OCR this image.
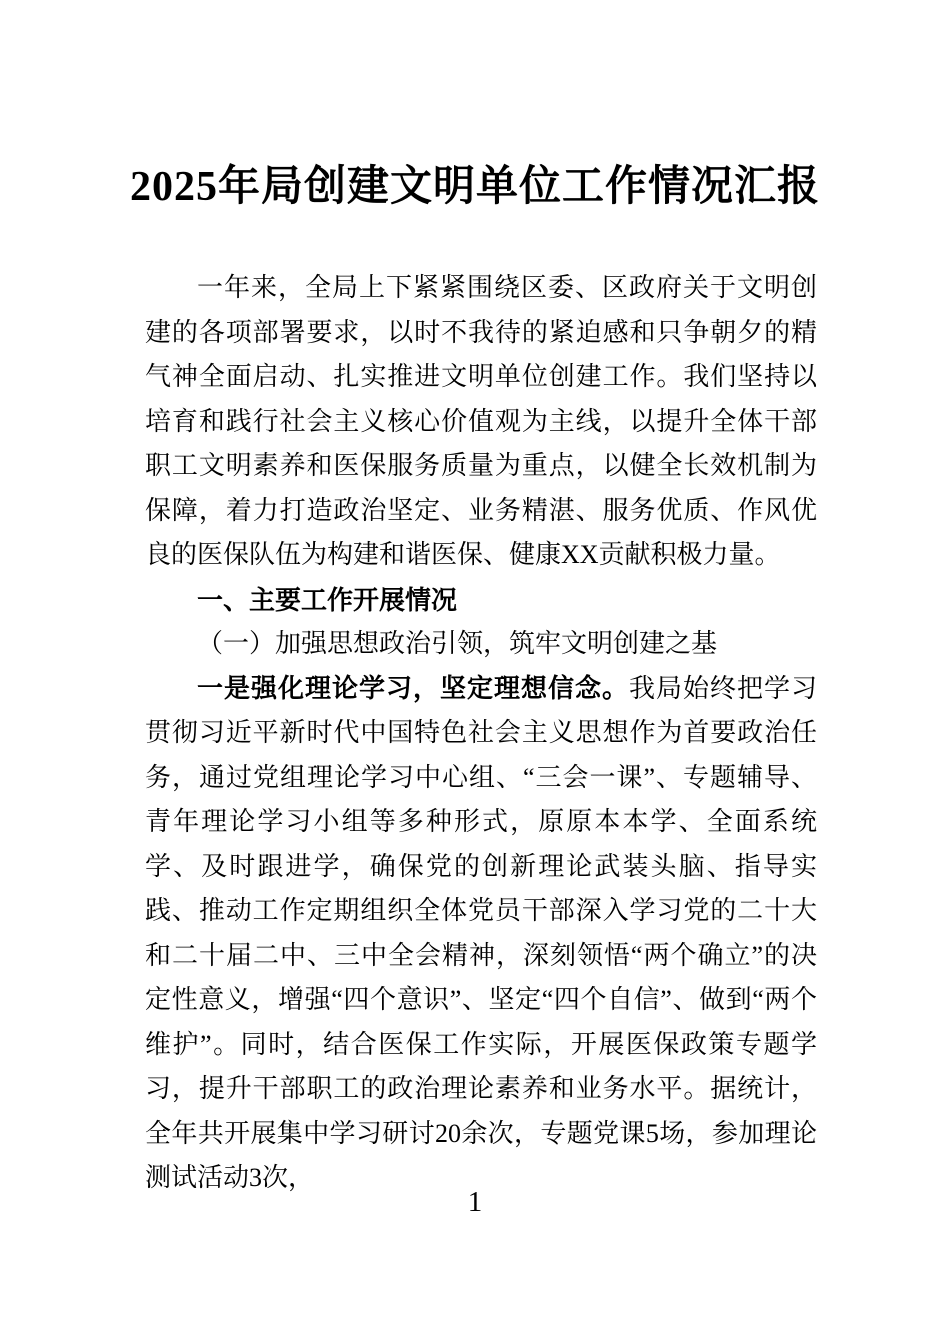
2025年局创建文明单位工作情况汇报

一年来，全局上下紧紧围绕区委、区政府关于文明创建的各项部署要求，以时不我待的紧迫感和只争朝夕的精气神全面启动、扎实推进文明单位创建工作。我们坚持以培育和践行社会主义核心价值观为主线，以提升全体干部职工文明素养和医保服务质量为重点，以健全长效机制为保障，着力打造政治坚定、业务精湛、服务优质、作风优良的医保队伍为构建和谐医保、健康XX贡献积极力量。

一、主要工作开展情况
（一）加强思想政治引领，筑牢文明创建之基

一是强化理论学习，坚定理想信念。我局始终把学习贯彻习近平新时代中国特色社会主义思想作为首要政治任务，通过党组理论学习中心组、“三会一课”、专题辅导、青年理论学习小组等多种形式，原原本本学、全面系统学、及时跟进学，确保党的创新理论武装头脑、指导实践、推动工作定期组织全体党员干部深入学习党的二十大和二十届二中、三中全会精神，深刻领悟“两个确立”的决定性意义，增强“四个意识”、坚定“四个自信”、做到“两个维护”。同时，结合医保工作实际，开展医保政策专题学习，提升干部职工的政治理论素养和业务水平。据统计，全年共开展集中学习研讨20余次，专题党课5场，参加理论测试活动3次，

1
